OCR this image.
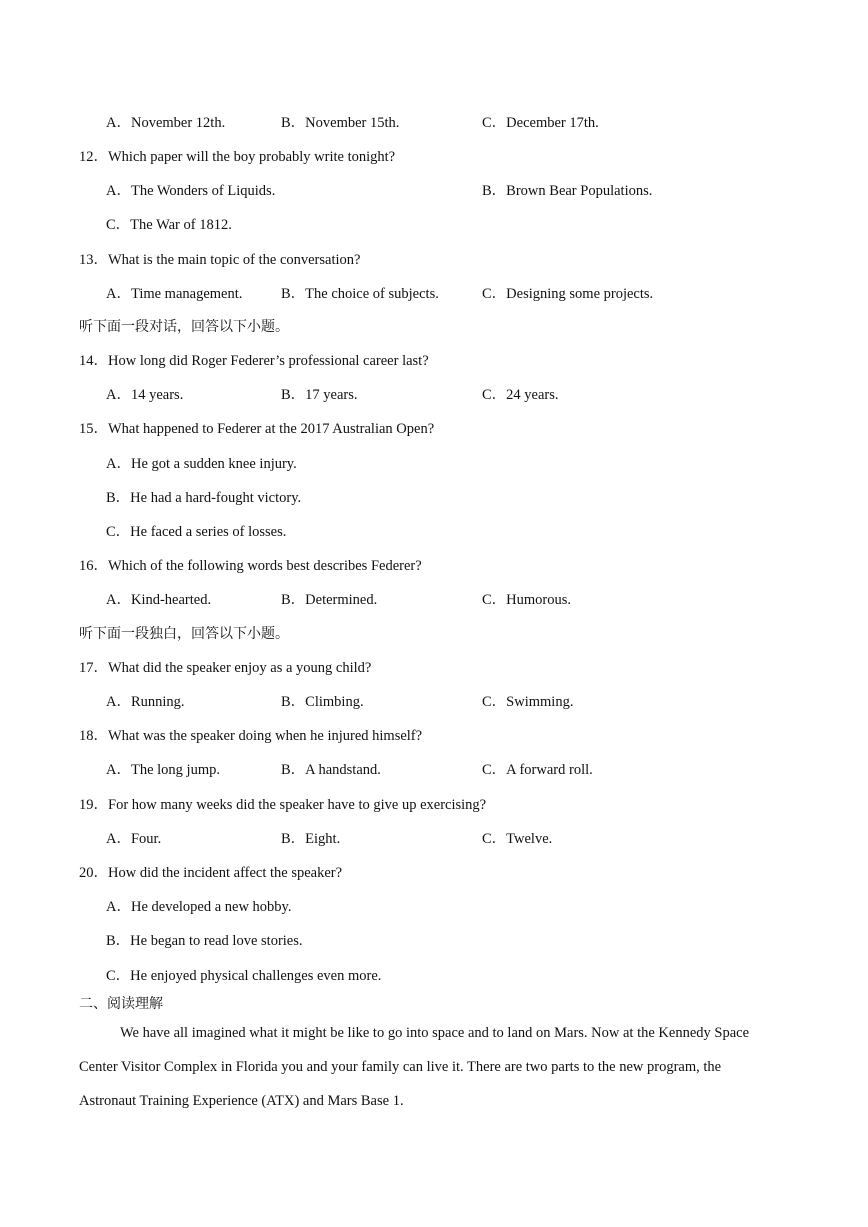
A．November 12th.	B．November 15th.	C．December 17th.
12．Which paper will the boy probably write tonight?
A．The Wonders of Liquids.	B．Brown Bear Populations.
C．The War of 1812.
13．What is the main topic of the conversation?
A．Time management.	B．The choice of subjects.	C．Designing some projects.
听下面一段对话，回答以下小题。
14．How long did Roger Federer’s professional career last?
A．14 years.	B．17 years.	C．24 years.
15．What happened to Federer at the 2017 Australian Open?
A．He got a sudden knee injury.
B．He had a hard-fought victory.
C．He faced a series of losses.
16．Which of the following words best describes Federer?
A．Kind-hearted.	B．Determined.	C．Humorous.
听下面一段独白，回答以下小题。
17．What did the speaker enjoy as a young child?
A．Running.	B．Climbing.	C．Swimming.
18．What was the speaker doing when he injured himself?
A．The long jump.	B．A handstand.	C．A forward roll.
19．For how many weeks did the speaker have to give up exercising?
A．Four.	B．Eight.	C．Twelve.
20．How did the incident affect the speaker?
A．He developed a new hobby.
B．He began to read love stories.
C．He enjoyed physical challenges even more.
二、阅读理解
We have all imagined what it might be like to go into space and to land on Mars. Now at the Kennedy Space
Center Visitor Complex in Florida you and your family can live it. There are two parts to the new program, the
Astronaut Training Experience (ATX) and Mars Base 1.
